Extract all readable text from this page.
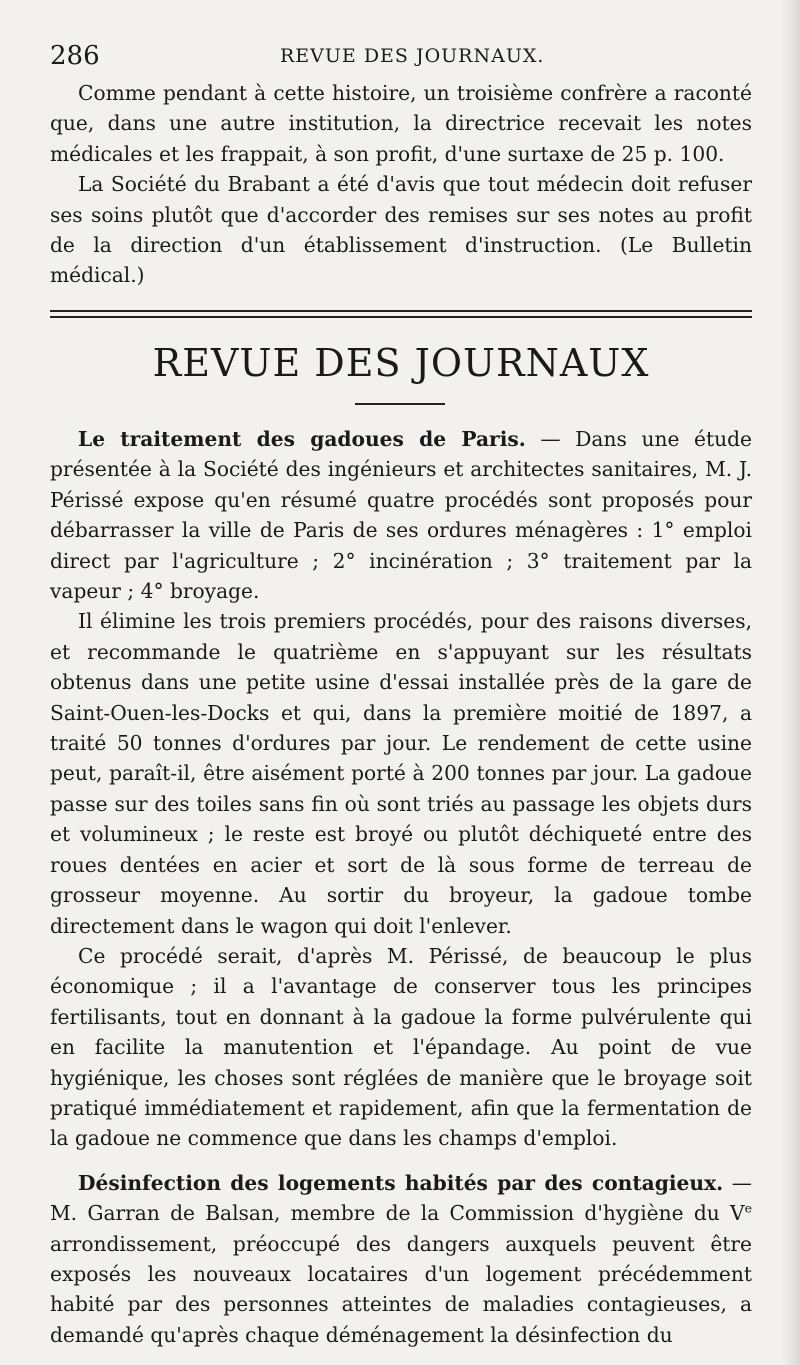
286	REVUE DES JOURNAUX.

Comme pendant à cette histoire, un troisième confrère a raconté que, dans une autre institution, la directrice recevait les notes médicales et les frappait, à son profit, d'une surtaxe de 25 p. 100.

La Société du Brabant a été d'avis que tout médecin doit refuser ses soins plutôt que d'accorder des remises sur ses notes au profit de la direction d'un établissement d'instruction. (Le Bulletin médical.)

REVUE DES JOURNAUX

Le traitement des gadoues de Paris. — Dans une étude présentée à la Société des ingénieurs et architectes sanitaires, M. J. Périssé expose qu'en résumé quatre procédés sont proposés pour débarrasser la ville de Paris de ses ordures ménagères : 1° emploi direct par l'agriculture ; 2° incinération ; 3° traitement par la vapeur ; 4° broyage.

Il élimine les trois premiers procédés, pour des raisons diverses, et recommande le quatrième en s'appuyant sur les résultats obtenus dans une petite usine d'essai installée près de la gare de Saint-Ouen-les-Docks et qui, dans la première moitié de 1897, a traité 50 tonnes d'ordures par jour. Le rendement de cette usine peut, paraît-il, être aisément porté à 200 tonnes par jour. La gadoue passe sur des toiles sans fin où sont triés au passage les objets durs et volumineux ; le reste est broyé ou plutôt déchiqueté entre des roues dentées en acier et sort de là sous forme de terreau de grosseur moyenne. Au sortir du broyeur, la gadoue tombe directement dans le wagon qui doit l'enlever.

Ce procédé serait, d'après M. Périssé, de beaucoup le plus économique ; il a l'avantage de conserver tous les principes fertilisants, tout en donnant à la gadoue la forme pulvérulente qui en facilite la manutention et l'épandage. Au point de vue hygiénique, les choses sont réglées de manière que le broyage soit pratiqué immédiatement et rapidement, afin que la fermentation de la gadoue ne commence que dans les champs d'emploi.

Désinfection des logements habités par des contagieux. — M. Garran de Balsan, membre de la Commission d'hygiène du Ve arrondissement, préoccupé des dangers auxquels peuvent être exposés les nouveaux locataires d'un logement précédemment habité par des personnes atteintes de maladies contagieuses, a demandé qu'après chaque déménagement la désinfection du
